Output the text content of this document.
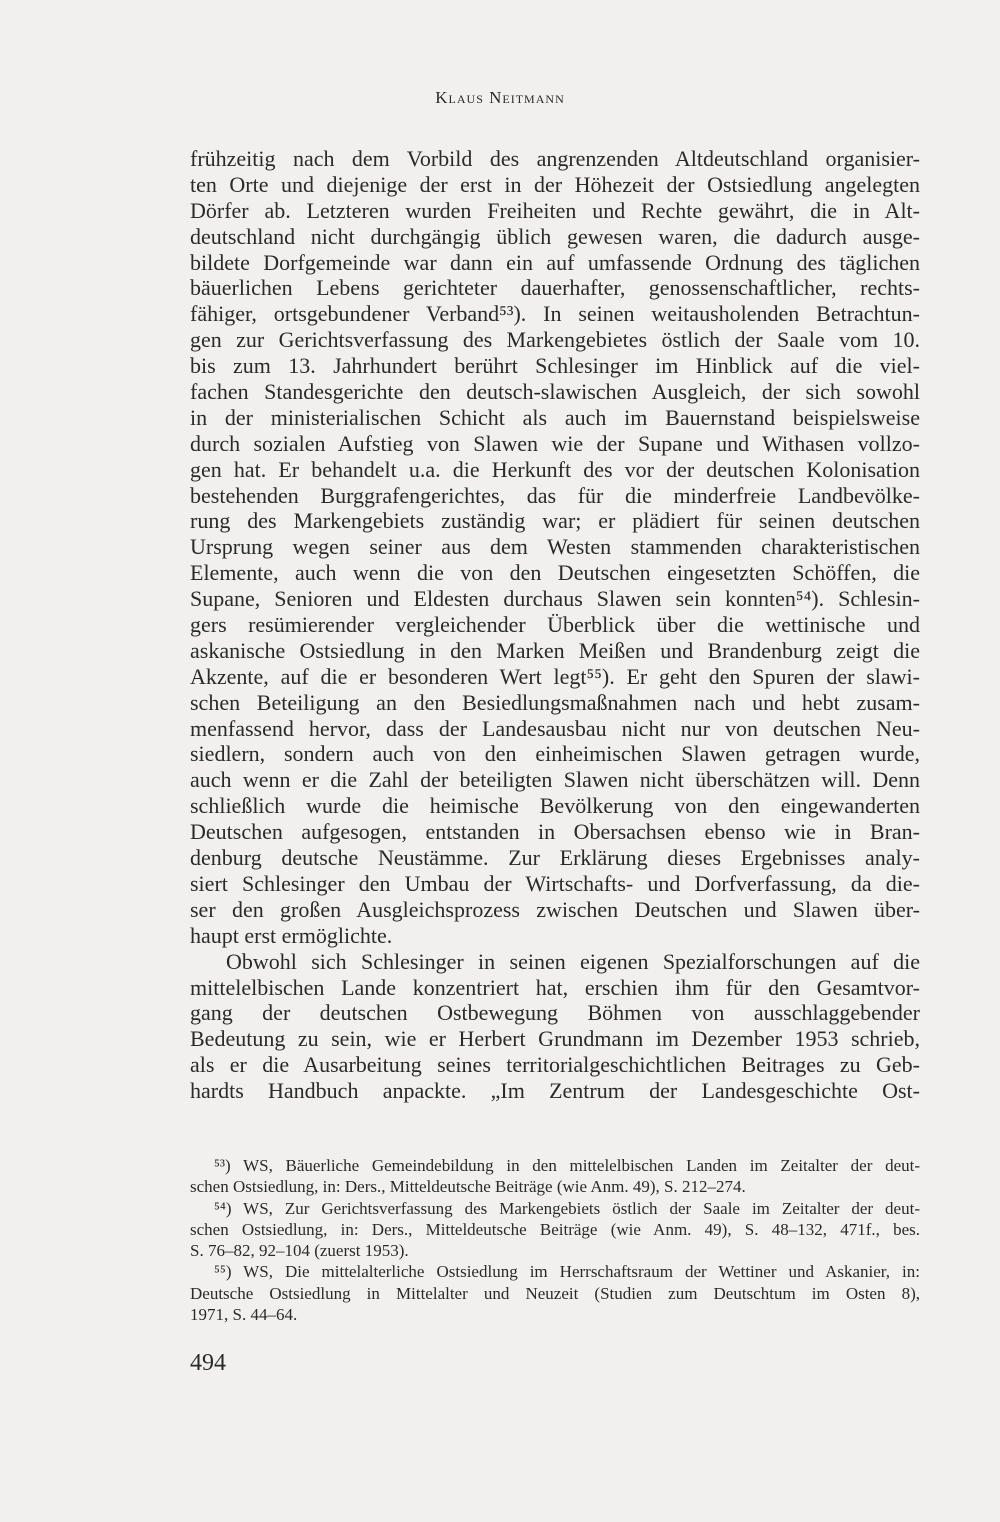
Klaus Neitmann
frühzeitig nach dem Vorbild des angrenzenden Altdeutschland organisier-
ten Orte und diejenige der erst in der Höhezeit der Ostsiedlung angelegten
Dörfer ab. Letzteren wurden Freiheiten und Rechte gewährt, die in Alt-
deutschland nicht durchgängig üblich gewesen waren, die dadurch ausge-
bildete Dorfgemeinde war dann ein auf umfassende Ordnung des täglichen
bäuerlichen Lebens gerichteter dauerhafter, genossenschaftlicher, rechts-
fähiger, ortsgebundener Verband⁵³). In seinen weitausholenden Betrachtun-
gen zur Gerichtsverfassung des Markengebietes östlich der Saale vom 10.
bis zum 13. Jahrhundert berührt Schlesinger im Hinblick auf die viel-
fachen Standesgerichte den deutsch-slawischen Ausgleich, der sich sowohl
in der ministerialischen Schicht als auch im Bauernstand beispielsweise
durch sozialen Aufstieg von Slawen wie der Supane und Withasen vollzo-
gen hat. Er behandelt u.a. die Herkunft des vor der deutschen Kolonisation
bestehenden Burggrafengerichtes, das für die minderfreie Landbevölke-
rung des Markengebiets zuständig war; er plädiert für seinen deutschen
Ursprung wegen seiner aus dem Westen stammenden charakteristischen
Elemente, auch wenn die von den Deutschen eingesetzten Schöffen, die
Supane, Senioren und Eldesten durchaus Slawen sein konnten⁵⁴). Schlesin-
gers resümierender vergleichender Überblick über die wettinische und
askanische Ostsiedlung in den Marken Meißen und Brandenburg zeigt die
Akzente, auf die er besonderen Wert legt⁵⁵). Er geht den Spuren der slawi-
schen Beteiligung an den Besiedlungsmaßnahmen nach und hebt zusam-
menfassend hervor, dass der Landesausbau nicht nur von deutschen Neu-
siedlern, sondern auch von den einheimischen Slawen getragen wurde,
auch wenn er die Zahl der beteiligten Slawen nicht überschätzen will. Denn
schließlich wurde die heimische Bevölkerung von den eingewanderten
Deutschen aufgesogen, entstanden in Obersachsen ebenso wie in Bran-
denburg deutsche Neustämme. Zur Erklärung dieses Ergebnisses analy-
siert Schlesinger den Umbau der Wirtschafts- und Dorfverfassung, da die-
ser den großen Ausgleichsprozess zwischen Deutschen und Slawen über-
haupt erst ermöglichte.
Obwohl sich Schlesinger in seinen eigenen Spezialforschungen auf die
mittelelbischen Lande konzentriert hat, erschien ihm für den Gesamtvor-
gang der deutschen Ostbewegung Böhmen von ausschlaggebender
Bedeutung zu sein, wie er Herbert Grundmann im Dezember 1953 schrieb,
als er die Ausarbeitung seines territorialgeschichtlichen Beitrages zu Geb-
hardts Handbuch anpackte. „Im Zentrum der Landesgeschichte Ost-
⁵³) WS, Bäuerliche Gemeindebildung in den mittelelbischen Landen im Zeitalter der deut-
schen Ostsiedlung, in: Ders., Mitteldeutsche Beiträge (wie Anm. 49), S. 212–274.
⁵⁴) WS, Zur Gerichtsverfassung des Markengebiets östlich der Saale im Zeitalter der deut-
schen Ostsiedlung, in: Ders., Mitteldeutsche Beiträge (wie Anm. 49), S. 48–132, 471f., bes.
S. 76–82, 92–104 (zuerst 1953).
⁵⁵) WS, Die mittelalterliche Ostsiedlung im Herrschaftsraum der Wettiner und Askanier, in:
Deutsche Ostsiedlung in Mittelalter und Neuzeit (Studien zum Deutschtum im Osten 8),
1971, S. 44–64.
494
